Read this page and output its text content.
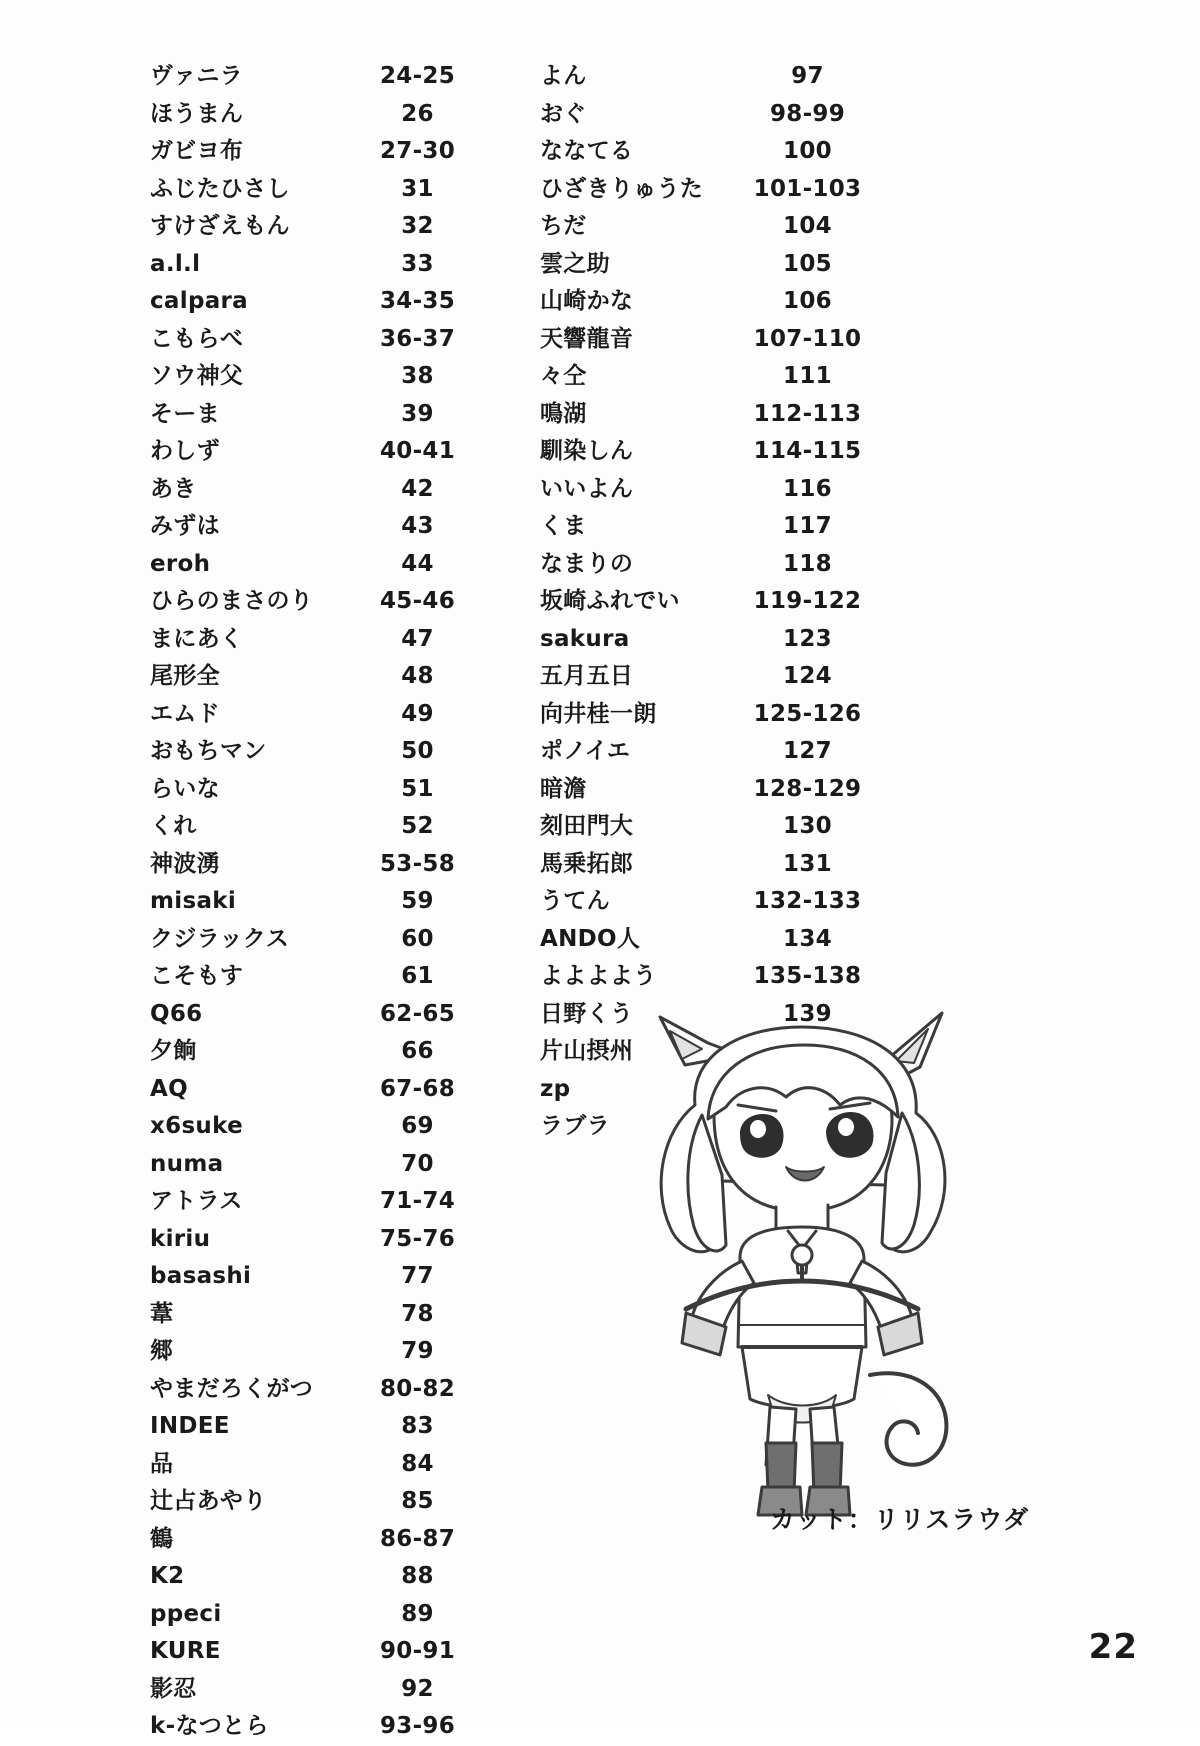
ヴァニラ	24-25
ほうまん	26
ガビヨ布	27-30
ふじたひさし	31
すけざえもん	32
a.l.l	33
calpara	34-35
こもらべ	36-37
ソウ神父	38
そーま	39
わしず	40-41
あき	42
みずは	43
eroh	44
ひらのまさのり	45-46
まにあく	47
尾形全	48
エムド	49
おもちマン	50
らいな	51
くれ	52
神波湧	53-58
misaki	59
クジラックス	60
こそもす	61
Q66	62-65
夕餉	66
AQ	67-68
x6suke	69
numa	70
アトラス	71-74
kiriu	75-76
basashi	77
葦	78
郷	79
やまだろくがつ	80-82
INDEE	83
品	84
辻占あやり	85
鶴	86-87
K2	88
ppeci	89
KURE	90-91
影忍	92
k-なつとら	93-96
よん	97
おぐ	98-99
ななてる	100
ひざきりゅうた	101-103
ちだ	104
雲之助	105
山崎かな	106
天響龍音	107-110
々仝	111
鳴湖	112-113
馴染しん	114-115
いいよん	116
くま	117
なまりの	118
坂崎ふれでい	119-122
sakura	123
五月五日	124
向井桂一朗	125-126
ポノイエ	127
暗澹	128-129
刻田門大	130
馬乗拓郎	131
うてん	132-133
ANDO人	134
よよよよう	135-138
日野くう	139
片山摂州
zp
ラブラ
カット：リリスラウダ
22
